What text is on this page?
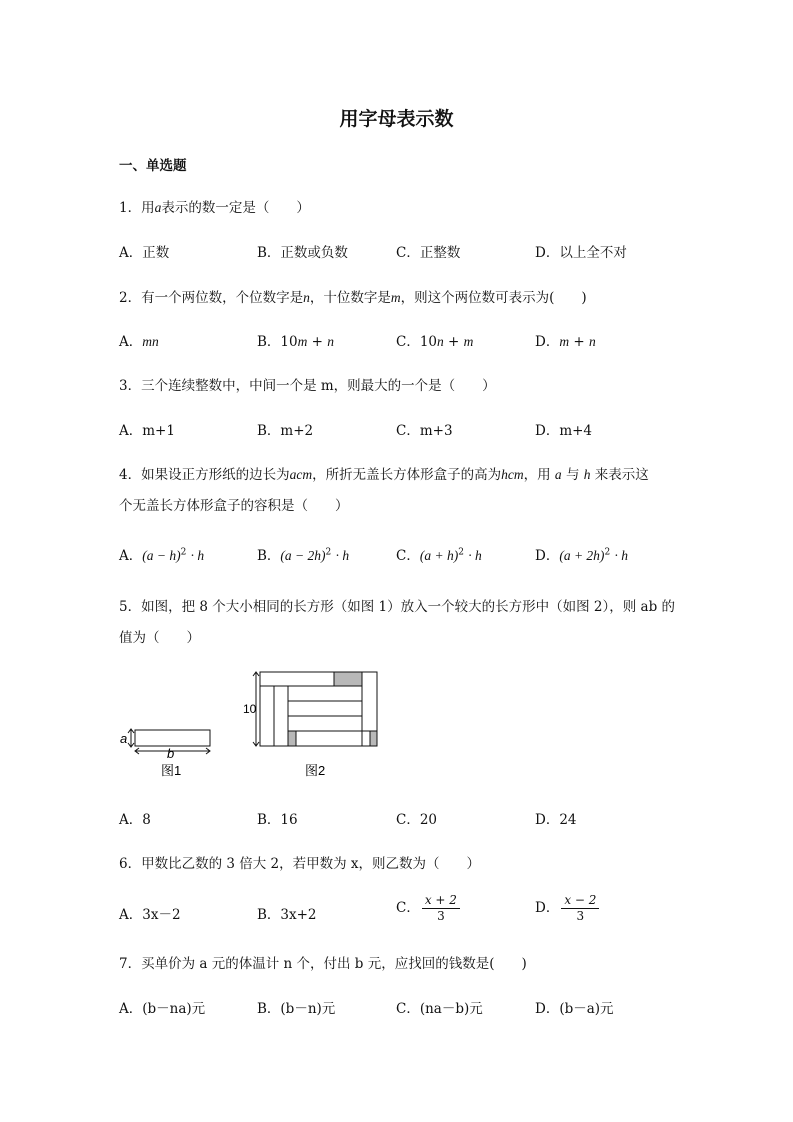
用字母表示数
一、单选题
1．用a表示的数一定是（　　）
A．正数	B．正数或负数	C．正整数	D．以上全不对
2．有一个两位数，个位数字是n，十位数字是m，则这个两位数可表示为(　　)
A．mn	B．10m + n	C．10n + m	D．m + n
3．三个连续整数中，中间一个是 m，则最大的一个是（　　）
A．m+1	B．m+2	C．m+3	D．m+4
4．如果设正方形纸的边长为acm，所折无盖长方体形盒子的高为hcm，用 a 与 h 来表示这
个无盖长方体形盒子的容积是（　　）
A．$(a - h)^2 \cdot h$	B．$(a - 2h)^2 \cdot h$	C．$(a + h)^2 \cdot h$	D．$(a + 2h)^2 \cdot h$
5．如图，把 8 个大小相同的长方形（如图 1）放入一个较大的长方形中（如图 2），则 ab 的
值为（　　）
a
b
图1
10
图2
A．8	B．16	C．20	D．24
6．甲数比乙数的 3 倍大 2，若甲数为 x，则乙数为（　　）
A．3x－2	B．3x+2	C． $\frac{x + 2}{3}$	D． $\frac{x - 2}{3}$
7．买单价为 a 元的体温计 n 个，付出 b 元，应找回的钱数是(　　)
A．(b－na)元	B．(b－n)元	C．(na－b)元	D．(b－a)元
